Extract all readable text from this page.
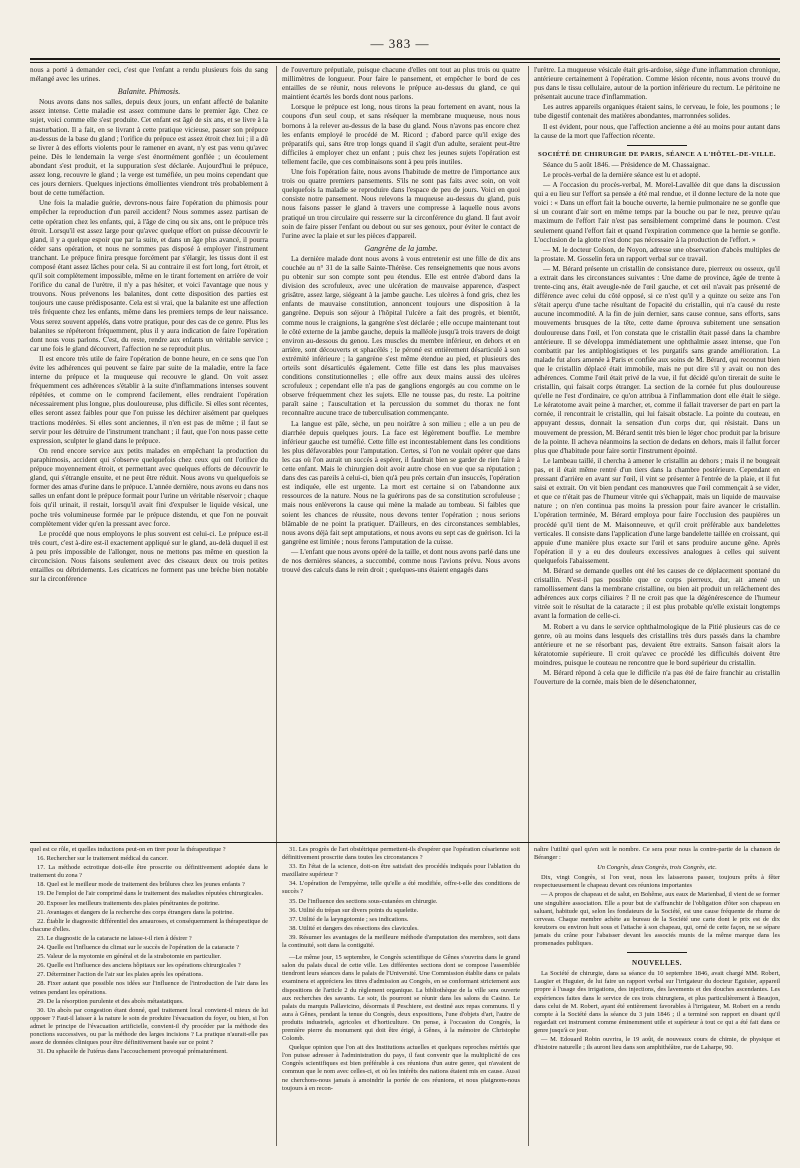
— 383 —

nous a porté à demander ceci, c'est que l'enfant a rendu plusieurs fois du sang mélangé avec les urines.

Balanite. Phimosis.

Nous avons dans nos salles, depuis deux jours, un enfant affecté de balanite assez intense. Cette maladie est assez commune dans le premier âge. Chez ce sujet, voici comme elle s'est produite. Cet enfant est âgé de six ans, et se livre à la masturbation. Il a fait, en se livrant à cette pratique vicieuse, passer son prépuce au-dessus de la base du gland ; l'orifice du prépuce est assez étroit chez lui ; il a dû se livrer à des efforts violents pour le ramener en avant, n'y est pas venu qu'avec peine. Dès le lendemain la verge s'est énormément gonflée ; un écoulement abondant s'est produit, et la suppuration s'est déclarée. Aujourd'hui le prépuce, assez long, recouvre le gland ; la verge est tuméfiée, un peu moins cependant que ces jours derniers. Quelques injections émollientes viendront très probablement à bout de cette tuméfaction.

Une fois la maladie guérie, devrons-nous faire l'opération du phimosis pour empêcher la reproduction d'un pareil accident? Nous sommes assez partisan de cette opération chez les enfants, qui, à l'âge de cinq ou six ans, ont le prépuce très étroit. Lorsqu'il est assez large pour qu'avec quelque effort on puisse découvrir le gland, il y a quelque espoir que par la suite, et dans un âge plus avancé, il pourra céder sans opération, et nous ne sommes pas disposé à employer l'instrument tranchant. Le prépuce finira presque forcément par s'élargir, les tissus dont il est composé étant assez lâches pour cela. Si au contraire il est fort long, fort étroit, et qu'il soit complètement impossible, même en le tirant fortement en arrière de voir l'orifice du canal de l'urètre, il n'y a pas hésiter, et voici l'avantage que nous y trouvons. Nous prévenons les balanites, dont cette disposition des parties est toujours une cause prédisposante. Cela est si vrai, que la balanite est une affection très fréquente chez les enfants, même dans les premiers temps de leur naissance. Vous serez souvent appelés, dans votre pratique, pour des cas de ce genre. Plus les balanites se répéteront fréquemment, plus il y aura indication de faire l'opération dont nous vous parlons. C'est, du reste, rendre aux enfants un véritable service ; car une fois le gland découvert, l'affection ne se reproduit plus.

Il est encore très utile de faire l'opération de bonne heure, en ce sens que l'on évite les adhérences qui peuvent se faire par suite de la maladie, entre la face interne du prépuce et la muqueuse qui recouvre le gland. On voit assez fréquemment ces adhérences s'établir à la suite d'inflammations intenses souvent répétées, et comme on le comprend facilement, elles rendraient l'opération nécessairement plus longue, plus douloureuse, plus difficile. Si elles sont récentes, elles seront assez faibles pour que l'on puisse les déchirer aisément par quelques tractions modérées. Si elles sont anciennes, il n'en est pas de même ; il faut se servir pour les détruire de l'instrument tranchant ; il faut, que l'on nous passe cette expression, sculpter le gland dans le prépuce.

On rend encore service aux petits malades en empêchant la production du paraphimosis, accident qui s'observe quelquefois chez ceux qui ont l'orifice du prépuce moyennement étroit, et permettant avec quelques efforts de découvrir le gland, qui s'étrangle ensuite, et ne peut être réduit. Nous avons vu quelquefois se former des amas d'urine dans le prépuce. L'année dernière, nous avons eu dans nos salles un enfant dont le prépuce formait pour l'urine un véritable réservoir ; chaque fois qu'il urinait, il restait, lorsqu'il avait fini d'expulser le liquide vésical, une poche très volumineuse formée par le prépuce distendu, et que l'on ne pouvait complètement vider qu'en la pressant avec force.

Le procédé que nous employons le plus souvent est celui-ci. Le prépuce est-il très court, c'est à-dire est-il exactement appliqué sur le gland, au-delà duquel il est à peu près impossible de l'allonger, nous ne mettons pas même en question la circoncision. Nous faisons seulement avec des ciseaux deux ou trois petites entailles ou débridements. Les cicatrices ne forment pas une brèche bien notable sur la circonférence

de l'ouverture préputiale, puisque chacune d'elles ont tout au plus trois ou quatre millimètres de longueur. Pour faire le pansement, et empêcher le bord de ces entailles de se réunir, nous relevons le prépuce au-dessus du gland, ce qui maintient écartés les bords dont nous parlons.

Lorsque le prépuce est long, nous tirons la peau fortement en avant, nous la coupons d'un seul coup, et sans réséquer la membrane muqueuse, nous nous bornons à la relever au-dessus de la base du gland. Nous n'avons pas encore chez les enfants employé le procédé de M. Ricord ; d'abord parce qu'il exige des préparatifs qui, sans être trop longs quand il s'agit d'un adulte, seraient peut-être difficiles à employer chez un enfant ; puis chez les jeunes sujets l'opération est tellement facile, que ces combinaisons sont à peu près inutiles.

Une fois l'opération faite, nous avons l'habitude de mettre de l'importance aux trois ou quatre premiers pansements. S'ils ne sont pas faits avec soin, on voit quelquefois la maladie se reproduire dans l'espace de peu de jours. Voici en quoi consiste notre pansement. Nous relevons la muqueuse au-dessus du gland, puis nous faisons passer le gland à travers une compresse à laquelle nous avons pratiqué un trou circulaire qui resserre sur la circonférence du gland. Il faut avoir soin de faire pisser l'enfant ou debout ou sur ses genoux, pour éviter le contact de l'urine avec la plaie et sur les pièces d'appareil.

Gangrène de la jambe.

La dernière malade dont nous avons à vous entretenir est une fille de dix ans couchée au n° 31 de la salle Sainte-Thérèse. Ces renseignements que nous avons pu obtenir sur son compte sont peu étendus. Elle est entrée d'abord dans la division des scrofuleux, avec une ulcération de mauvaise apparence, d'aspect grisâtre, assez large, siégeant à la jambe gauche. Les ulcères à fond gris, chez les enfants de mauvaise constitution, annoncent toujours une disposition à la gangrène. Depuis son séjour à l'hôpital l'ulcère a fait des progrès, et bientôt, comme nous le craignions, la gangrène s'est déclarée ; elle occupe maintenant tout le côté externe de la jambe gauche, depuis la malléole jusqu'à trois travers de doigt environ au-dessous du genou. Les muscles du membre inférieur, en dehors et en arrière, sont découverts et sphacélés ; le péroné est entièrement désarticulé à son extrémité inférieure ; la gangrène s'est même étendue au pied, et plusieurs des orteils sont désarticulés également. Cette fille est dans les plus mauvaises conditions constitutionnelles ; elle offre aux deux mains aussi des ulcères scrofuleux ; cependant elle n'a pas de ganglions engorgés au cou comme on le observe fréquemment chez les sujets. Elle ne tousse pas, du reste. La poitrine paraît saine ; l'auscultation et la percussion du sommet du thorax ne font reconnaître aucune trace de tuberculisation commençante.

La langue est pâle, sèche, un peu noirâtre à son milieu ; elle a un peu de diarrhée depuis quelques jours. La face est légèrement bouffie. Le membre inférieur gauche est tuméfié. Cette fille est incontestablement dans les conditions les plus défavorables pour l'amputation. Certes, si l'on ne voulait opérer que dans les cas où l'on aurait un succès à espérer, il faudrait bien se garder de rien faire à cette enfant. Mais le chirurgien doit avoir autre chose en vue que sa réputation ; dans des cas pareils à celui-ci, bien qu'à peu près certain d'un insuccès, l'opération est indiquée, elle est urgente. La mort est certaine si on l'abandonne aux ressources de la nature. Nous ne la guérirons pas de sa constitution scrofuleuse ; mais nous enlèverons la cause qui mène la malade au tombeau. Si faibles que soient les chances de réussite, nous devons tenter l'opération ; nous serions blâmable de ne point la pratiquer. D'ailleurs, en des circonstances semblables, nous avons déjà fait sept amputations, et nous avons eu sept cas de guérison. Ici la gangrène est limitée ; nous ferons l'amputation de la cuisse.

— L'enfant que nous avons opéré de la taille, et dont nous avons parlé dans une de nos dernières séances, a succombé, comme nous l'avions prévu. Nous avons trouvé des calculs dans le rein droit ; quelques-uns étaient engagés dans

l'urètre. La muqueuse vésicale était gris-ardoise, siège d'une inflammation chronique, antérieure certainement à l'opération. Comme lésion récente, nous avons trouvé du pus dans le tissu cellulaire, autour de la portion inférieure du rectum. Le péritoine ne présentait aucune trace d'inflammation.

Les autres appareils organiques étaient sains, le cerveau, le foie, les poumons ; le tube digestif contenait des matières abondantes, marronnées solides.

Il est évident, pour nous, que l'affection ancienne a été au moins pour autant dans la cause de la mort que l'affection récente.

SOCIÉTÉ DE CHIRURGIE DE PARIS, SÉANCE A L'HÔTEL-DE-VILLE.

Séance du 5 août 1846. — Présidence de M. Chassaignac.

Le procès-verbal de la dernière séance est lu et adopté.

— A l'occasion du procès-verbal, M. Morel-Lavallée dit que dans la discussion qui a eu lieu sur l'effort sa pensée a été mal rendue, et il donne lecture de la note que voici : « Dans un effort fait la bouche ouverte, la hernie pulmonaire ne se gonfle que si un courant d'air sort en même temps par la bouche ou par le nez, preuve qu'au maximum de l'effort l'air n'est pas sensiblement comprimé dans le poumon. C'est seulement quand l'effort fait et quand l'expiration commence que la hernie se gonfle. L'occlusion de la glotte n'est donc pas nécessaire à la production de l'effort. »

— M. le docteur Colson, de Noyon, adresse une observation d'abcès multiples de la prostate. M. Gosselin fera un rapport verbal sur ce travail.

— M. Bérard présente un cristallin de consistance dure, pierreux ou osseux, qu'il a extrait dans les circonstances suivantes : Une dame de province, âgée de trente à trente-cinq ans, était aveugle-née de l'œil gauche, et cet œil n'avait pas présenté de différence avec celui du côté opposé, si ce n'est qu'il y a quinze ou seize ans l'on s'était aperçu d'une tache résultant de l'opacité du cristallin, qui n'a causé du reste aucune incommodité. A la fin de juin dernier, sans cause connue, sans efforts, sans mouvements brusques de la tête, cette dame éprouva subitement une sensation douloureuse dans l'œil, et l'on constata que le cristallin était passé dans la chambre antérieure. Il se développa immédiatement une ophthalmie assez intense, que l'on combattit par les antiphlogistiques et les purgatifs sans grande amélioration. La malade fut alors amenée à Paris et confiée aux soins de M. Bérard, qui reconnut bien que le cristallin déplacé était immobile, mais ne put dire s'il y avait ou non des adhérences. Comme l'œil était privé de la vue, il fut décidé qu'on tirerait de suite le cristallin, qui faisait corps étranger. La section de la cornée fut plus douloureuse qu'elle ne l'est d'ordinaire, ce qu'on attribua à l'inflammation dont elle était le siège. Le kératotome avait peine à marcher, et, comme il fallait traverser de part en part la cornée, il rencontrait le cristallin, qui lui faisait obstacle. La pointe du couteau, en appuyant dessus, donnait la sensation d'un corps dur, qui résistait. Dans un mouvement de pression, M. Bérard sentit très bien le léger choc produit par la brisure de la pointe. Il acheva néanmoins la section de dedans en dehors, mais il fallut forcer plus que d'habitude pour faire sortir l'instrument épointé.

Le lambeau taillé, il chercha à amener le cristallin au dehors ; mais il ne bougeait pas, et il était même rentré d'un tiers dans la chambre postérieure. Cependant en pressant d'arrière en avant sur l'œil, il vint se présenter à l'entrée de la plaie, et il fut saisi et extrait. On vit bien pendant ces manœuvres que l'œil commençait à se vider, et que ce n'était pas de l'humeur vitrée qui s'échappait, mais un liquide de mauvaise nature ; on n'en continua pas moins la pression pour faire avancer le cristallin. L'opération terminée, M. Bérard employa pour faire l'occlusion des paupières un procédé qu'il tient de M. Maisonneuve, et qu'il croit préférable aux bandelettes verticales. Il consiste dans l'application d'une large bandelette taillée en croissant, qui appuie d'une manière plus exacte sur l'œil et sans produire aucune gêne. Après l'opération il y a eu des douleurs excessives analogues à celles qui suivent quelquefois l'abaissement.

M. Bérard se demande quelles ont été les causes de ce déplacement spontané du cristallin. N'est-il pas possible que ce corps pierreux, dur, ait amené un ramollissement dans la membrane cristalline, ou bien ait produit un relâchement des adhérences aux corps ciliaires ? Il ne croit pas que la dégénérescence de l'humeur vitrée soit le résultat de la cataracte ; il est plus probable qu'elle existait longtemps avant la formation de celle-ci.

M. Robert a vu dans le service ophthalmologique de la Pitié plusieurs cas de ce genre, où au moins dans lesquels des cristallins très durs passés dans la chambre antérieure et ne se résorbant pas, devaient être extraits. Sanson faisait alors la kératotomie supérieure. Il croit qu'avec ce procédé les difficultés doivent être moindres, puisque le couteau ne rencontre que le bord supérieur du cristallin.

M. Bérard répond à cela que le difficile n'a pas été de faire franchir au cristallin l'ouverture de la cornée, mais bien de le désenchatonner,

quel est ce rôle, et quelles inductions peut-on en tirer pour la thérapeutique ?

16. Rechercher sur le traitement médical du cancer.

17. La méthode ectrotique doit-elle être proscrite ou définitivement adoptée dans le traitement du zona ?

18. Quel est le meilleur mode de traitement des brûlures chez les jeunes enfants ?

19. De l'emploi de l'air comprimé dans le traitement des maladies réputées chirurgicales.

20. Exposer les meilleurs traitements des plaies pénétrantes de poitrine.

21. Avantages et dangers de la recherche des corps étrangers dans la poitrine.

22. Établir le diagnostic différentiel des amauroses, et conséquemment la thérapeutique de chacune d'elles.

23. Le diagnostic de la cataracte ne laisse-t-il rien à désirer ?

24. Quelle est l'influence du climat sur le succès de l'opération de la cataracte ?

25. Valeur de la myotomie en général et de la strabotomie en particulier.

26. Quelle est l'influence des anciens hôpitaux sur les opérations chirurgicales ?

27. Déterminer l'action de l'air sur les plaies après les opérations.

28. Fixer autant que possible nos idées sur l'influence de l'introduction de l'air dans les veines pendant les opérations.

29. De la résorption purulente et des abcès métastatiques.

30. Un abcès par congestion étant donné, quel traitement local convient-il mieux de lui opposer ? Faut-il laisser à la nature le soin de produire l'évacuation du foyer, ou bien, si l'on admet le principe de l'évacuation artificielle, convient-il d'y procéder par la méthode des ponctions successives, ou par la méthode des larges incisions ? La pratique n'aurait-elle pas assez de données cliniques pour être définitivement basée sur ce point ?

31. Du sphacèle de l'utérus dans l'accouchement provoqué prématurément.

31. Les progrès de l'art obstétrique permettent-ils d'espérer que l'opération césarienne soit définitivement proscrite dans toutes les circonstances ?

33. En l'état de la science, doit-on être satisfait des procédés indiqués pour l'ablation du maxillaire supérieur ?

34. L'opération de l'empyème, telle qu'elle a été modifiée, offre-t-elle des conditions de succès ?

35. De l'influence des sections sous-cutanées en chirurgie.

36. Utilité du trépan sur divers points du squelette.

37. Utilité de la laryngotomie ; ses indications.

38. Utilité et dangers des résections des clavicules.

39. Résumer les avantages de la meilleure méthode d'amputation des membres, soit dans la continuité, soit dans la contiguïté.

—Le même jour, 15 septembre, le Congrès scientifique de Gênes s'ouvrira dans le grand salon du palais ducal de cette ville. Les différentes sections dont se compose l'assemblée tiendront leurs séances dans le palais de l'Université. Une Commission établie dans ce palais examinera et appréciera les titres d'admission au Congrès, en se conformant strictement aux dispositions de l'article 2 du règlement organique. La bibliothèque de la ville sera ouverte aux recherches des savants. Le soir, ils pourront se réunir dans les salons du Casino. Le palais du marquis Pallavicino, désormais il Peschiere, est destiné aux repas communs. Il y aura à Gênes, pendant la tenue du Congrès, deux expositions, l'une d'objets d'art, l'autre de produits industriels, agricoles et d'horticulture. On pense, à l'occasion du Congrès, la première pierre du monument qui doit être érigé, à Gênes, à la mémoire de Christophe Colomb.

Quelque opinion que l'on ait des Institutions actuelles et quelques reproches mérités que l'on puisse adresser à l'administration du pays, il faut convenir que la multiplicité de ces Congrès scientifiques est bien préférable à ces réunions d'un autre genre, qui n'avaient de commun que le nom avec celles-ci, et où les intérêts des nations étaient mis en cause. Aussi ne cherchons-nous jamais à amoindrir la portée de ces réunions, et nous plaignons-nous toujours à en recon-

naître l'utilité quel qu'en soit le nombre. Ce sera pour nous la contre-partie de la chanson de Béranger :

Un Congrès, deux Congrès, trois Congrès, etc.

Dix, vingt Congrès, si l'on veut, nous les laisserons passer, toujours prêts à fêter respectueusement le chapeau devant ces réunions importantes

— A propos de chapeau et de salut, en Bohême, aux eaux de Marienbad, il vient de se former une singulière association. Elle a pour but de s'affranchir de l'obligation d'ôter son chapeau en saluant, habitude qui, selon les fondateurs de la Société, est une cause fréquente de rhume de cerveau. Chaque membre achète au bureau de la Société une carte dont le prix est de dix kreutzers ou environ huit sous et l'attache à son chapeau, qui, orné de cette façon, ne se sépare jamais du crâne pour l'abaisser devant les associés munis de la même marque dans les promenades publiques.

NOUVELLES.

La Société de chirurgie, dans sa séance du 10 septembre 1846, avait chargé MM. Robert, Laugier et Huguier, de lui faire un rapport verbal sur l'irrigateur du docteur Eguisier, appareil propre à l'usage des irrigations, des injections, des lavements et des douches ascendantes. Les expériences faites dans le service de ces trois chirurgiens, et plus particulièrement à Beaujon, dans celui de M. Robert, ayant été entièrement favorables à l'irrigateur, M. Robert en a rendu compte à la Société dans la séance du 3 juin 1846 ; il a terminé son rapport en disant qu'il regardait cet instrument comme éminemment utile et supérieur à tout ce qui a été fait dans ce genre jusqu'à ce jour.

— M. Edouard Robin ouvrira, le 19 août, de nouveaux cours de chimie, de physique et d'histoire naturelle ; ils auront lieu dans son amphithéâtre, rue de Laharpe, 90.
